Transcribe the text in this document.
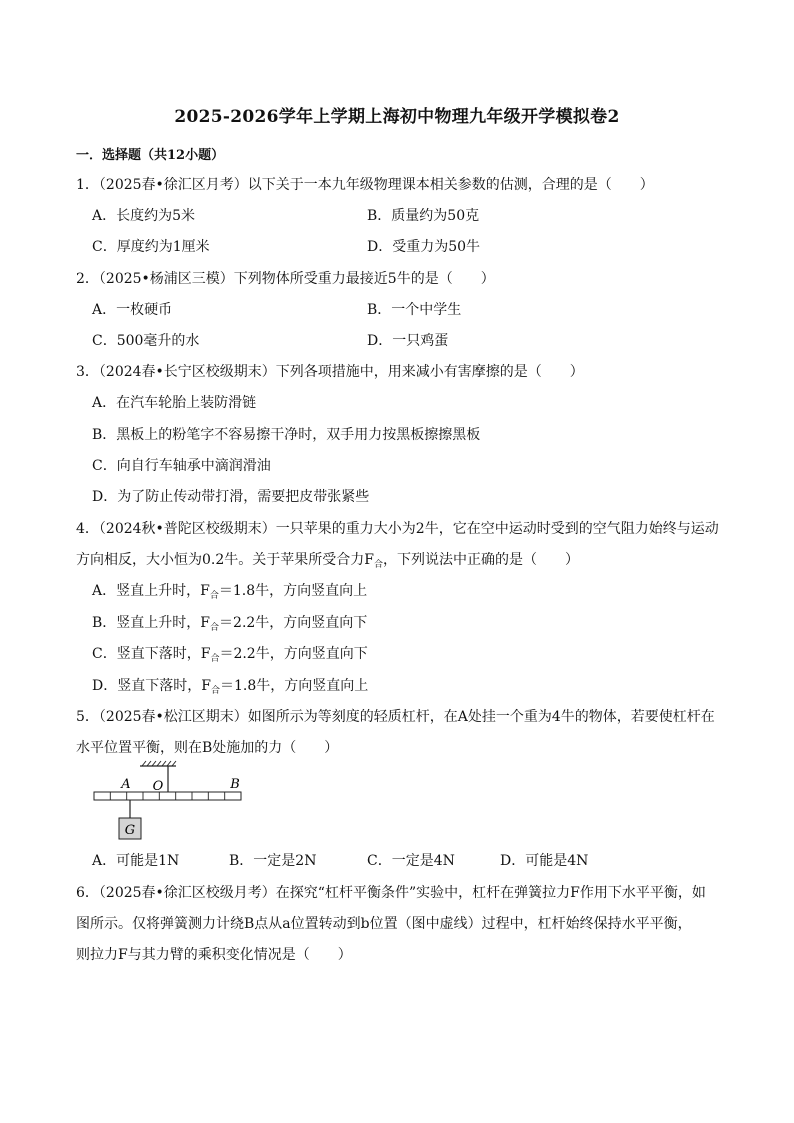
2025-2026学年上学期上海初中物理九年级开学模拟卷2
一．选择题（共12小题）
1．（2025春•徐汇区月考）以下关于一本九年级物理课本相关参数的估测，合理的是（　　）
A．长度约为5米	B．质量约为50克
C．厚度约为1厘米	D．受重力为50牛
2．（2025•杨浦区三模）下列物体所受重力最接近5牛的是（　　）
A．一枚硬币	B．一个中学生
C．500毫升的水	D．一只鸡蛋
3．（2024春•长宁区校级期末）下列各项措施中，用来减小有害摩擦的是（　　）
A．在汽车轮胎上装防滑链
B．黑板上的粉笔字不容易擦干净时，双手用力按黑板擦擦黑板
C．向自行车轴承中滴润滑油
D．为了防止传动带打滑，需要把皮带张紧些
4．（2024秋•普陀区校级期末）一只苹果的重力大小为2牛，它在空中运动时受到的空气阻力始终与运动
方向相反，大小恒为0.2牛。关于苹果所受合力$F_合$，下列说法中正确的是（　　）
A．竖直上升时，$F_合=1.8$牛，方向竖直向上
B．竖直上升时，$F_合=2.2$牛，方向竖直向下
C．竖直下落时，$F_合=2.2$牛，方向竖直向下
D．竖直下落时，$F_合=1.8$牛，方向竖直向上
5．（2025春•松江区期末）如图所示为等刻度的轻质杠杆，在A处挂一个重为4牛的物体，若要使杠杆在
水平位置平衡，则在B处施加的力（　　）
G
A O	B
A．可能是1N	B．一定是2N	C．一定是4N	D．可能是4N
6．（2025春•徐汇区校级月考）在探究“杠杆平衡条件”实验中，杠杆在弹簧拉力F作用下水平平衡，如
图所示。仅将弹簧测力计绕B点从a位置转动到b位置（图中虚线）过程中，杠杆始终保持水平平衡，
则拉力F与其力臂的乘积变化情况是（　　）
